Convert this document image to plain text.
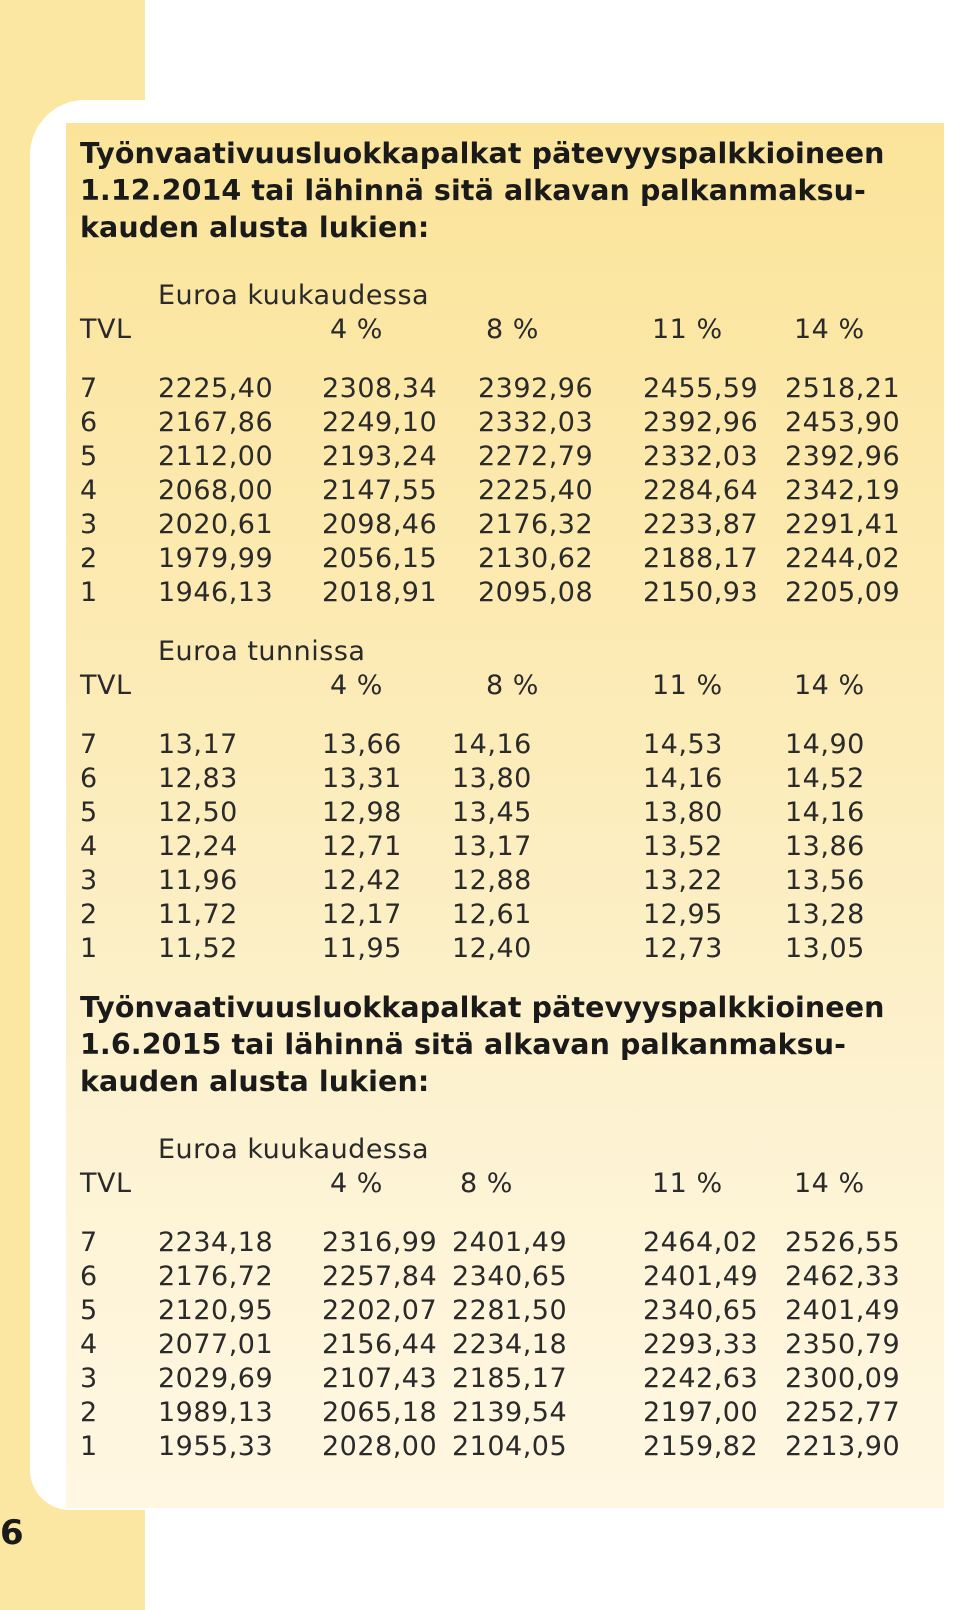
6
Työnvaativuusluokkapalkat pätevyyspalkkioineen
1.12.2014 tai lähinnä sitä alkavan palkanmaksu-
kauden alusta lukien:
Euroa kuukaudessa
TVL	4 %	8 %	11 %	14 %
7 2225,40 2308,34 2392,96 2455,59 2518,21
6 2167,86 2249,10 2332,03 2392,96 2453,90
5 2112,00 2193,24 2272,79 2332,03 2392,96
4 2068,00 2147,55 2225,40 2284,64 2342,19
3 2020,61 2098,46 2176,32 2233,87 2291,41
2 1979,99 2056,15 2130,62 2188,17 2244,02
1 1946,13 2018,91 2095,08 2150,93 2205,09
Euroa tunnissa
TVL	4 %	8 %	11 %	14 %
7 13,17	13,66 14,16	14,53 14,90
6 12,83	13,31 13,80	14,16 14,52
5 12,50	12,98 13,45	13,80 14,16
4 12,24	12,71 13,17	13,52 13,86
3 11,96	12,42 12,88	13,22 13,56
2 11,72	12,17 12,61	12,95 13,28
1 11,52	11,95 12,40	12,73 13,05
Työnvaativuusluokkapalkat pätevyyspalkkioineen
1.6.2015 tai lähinnä sitä alkavan palkanmaksu-
kauden alusta lukien:
Euroa kuukaudessa
TVL	4 %	8 %	11 %	14 %
7 2234,18 2316,99 2401,49	2464,02 2526,55
6 2176,72 2257,84 2340,65	2401,49 2462,33
5 2120,95 2202,07 2281,50	2340,65 2401,49
4 2077,01 2156,44 2234,18	2293,33 2350,79
3 2029,69 2107,43 2185,17	2242,63 2300,09
2 1989,13 2065,18 2139,54	2197,00 2252,77
1 1955,33 2028,00 2104,05	2159,82 2213,90
